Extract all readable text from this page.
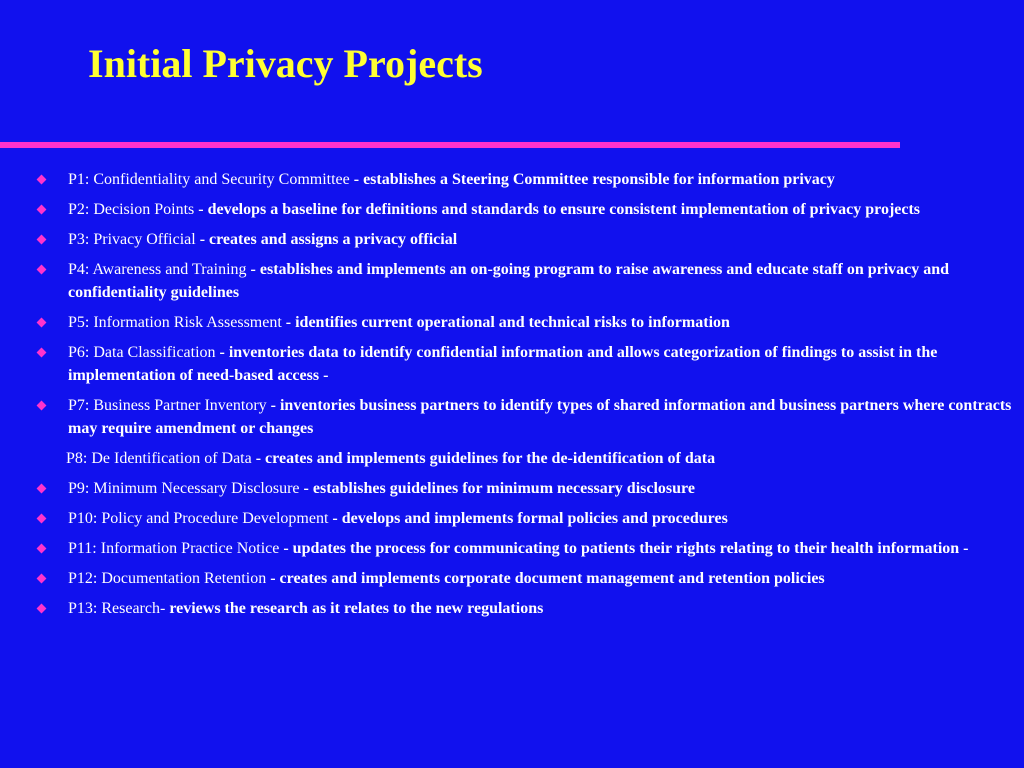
Initial Privacy Projects
P1: Confidentiality and Security Committee - establishes a Steering Committee responsible for information privacy
P2: Decision Points - develops a baseline for definitions and standards to ensure consistent implementation of privacy projects
P3: Privacy Official - creates and assigns a privacy official
P4: Awareness and Training - establishes and implements an on-going program to raise awareness and educate staff on privacy and confidentiality guidelines
P5: Information Risk Assessment - identifies current operational and technical risks to information
P6: Data Classification - inventories data to identify confidential information and allows categorization of findings to assist in the implementation of need-based access -
P7: Business Partner Inventory - inventories business partners to identify types of shared information and business partners where contracts may require amendment or changes
P8: De Identification of Data - creates and implements guidelines for the de-identification of data
P9: Minimum Necessary Disclosure - establishes guidelines for minimum necessary disclosure
P10: Policy and Procedure Development - develops and implements formal policies and procedures
P11: Information Practice Notice - updates the process for communicating to patients their rights relating to their health information -
P12: Documentation Retention - creates and implements corporate document management and retention policies
P13: Research- reviews the research as it relates to the new regulations
